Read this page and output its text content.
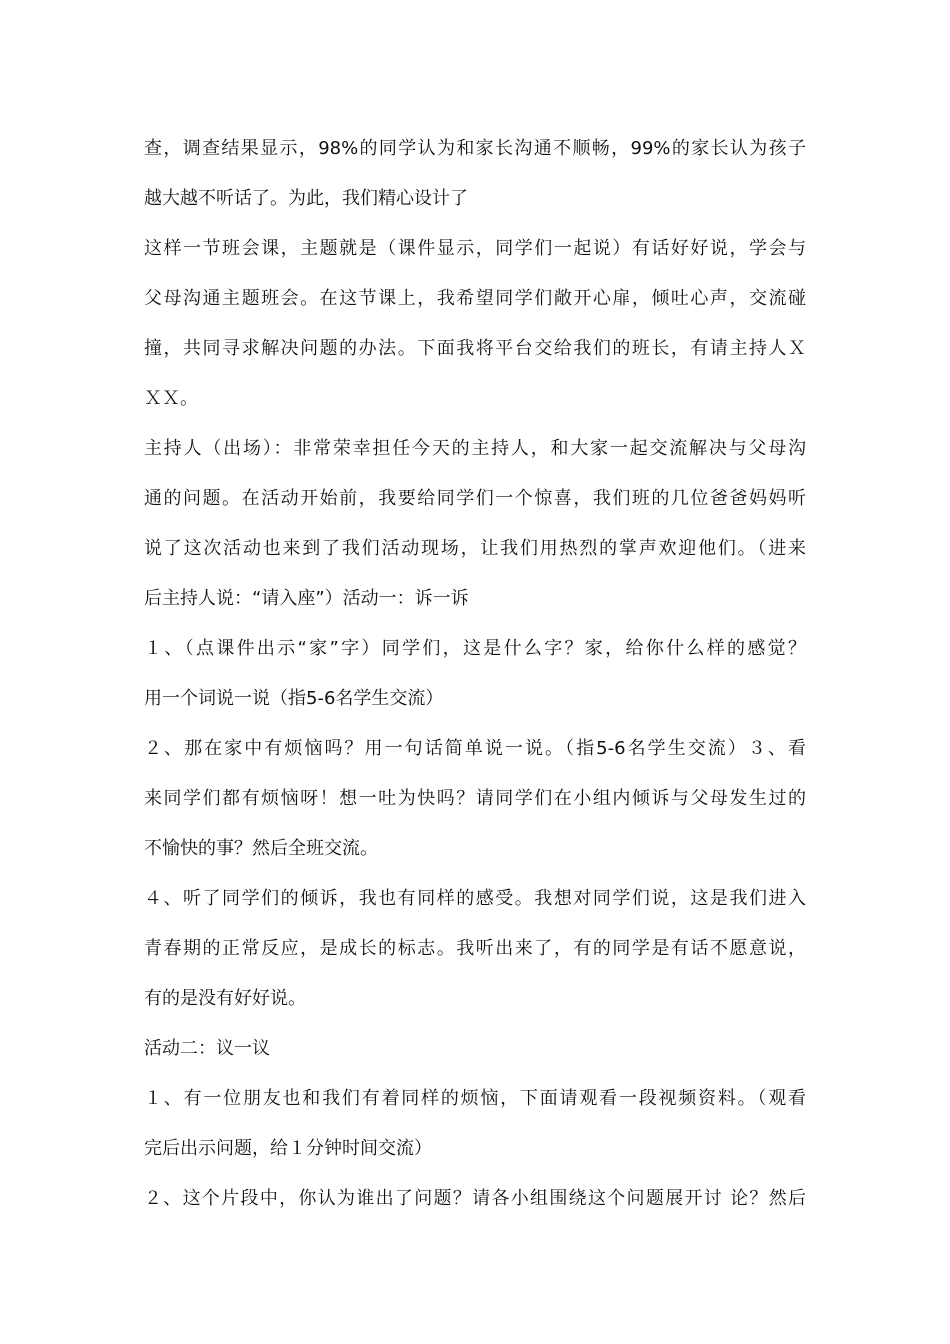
查，调查结果显示，98%的同学认为和家长沟通不顺畅，99%的家长认为孩子
越大越不听话了。为此，我们精心设计了
这样一节班会课，主题就是（课件显示，同学们一起说）有话好好说，学会与
父母沟通主题班会。在这节课上，我希望同学们敞开心扉，倾吐心声，交流碰
撞，共同寻求解决问题的办法。下面我将平台交给我们的班长，有请主持人Ｘ
ＸＸ。
主持人（出场）：非常荣幸担任今天的主持人，和大家一起交流解决与父母沟
通的问题。在活动开始前，我要给同学们一个惊喜，我们班的几位爸爸妈妈听
说了这次活动也来到了我们活动现场，让我们用热烈的掌声欢迎他们。（进来
后主持人说：“请入座”）活动一：诉一诉
１、（点课件出示“家”字）同学们，这是什么字？家，给你什么样的感觉？
用一个词说一说（指5-6名学生交流）
２、那在家中有烦恼吗？用一句话简单说一说。（指5-6名学生交流）３、看
来同学们都有烦恼呀！想一吐为快吗？请同学们在小组内倾诉与父母发生过的
不愉快的事？然后全班交流。
４、听了同学们的倾诉，我也有同样的感受。我想对同学们说，这是我们进入
青春期的正常反应，是成长的标志。我听出来了，有的同学是有话不愿意说，
有的是没有好好说。
活动二：议一议
１、有一位朋友也和我们有着同样的烦恼，下面请观看一段视频资料。（观看
完后出示问题，给１分钟时间交流）
２、这个片段中，你认为谁出了问题？请各小组围绕这个问题展开讨 论？然后
